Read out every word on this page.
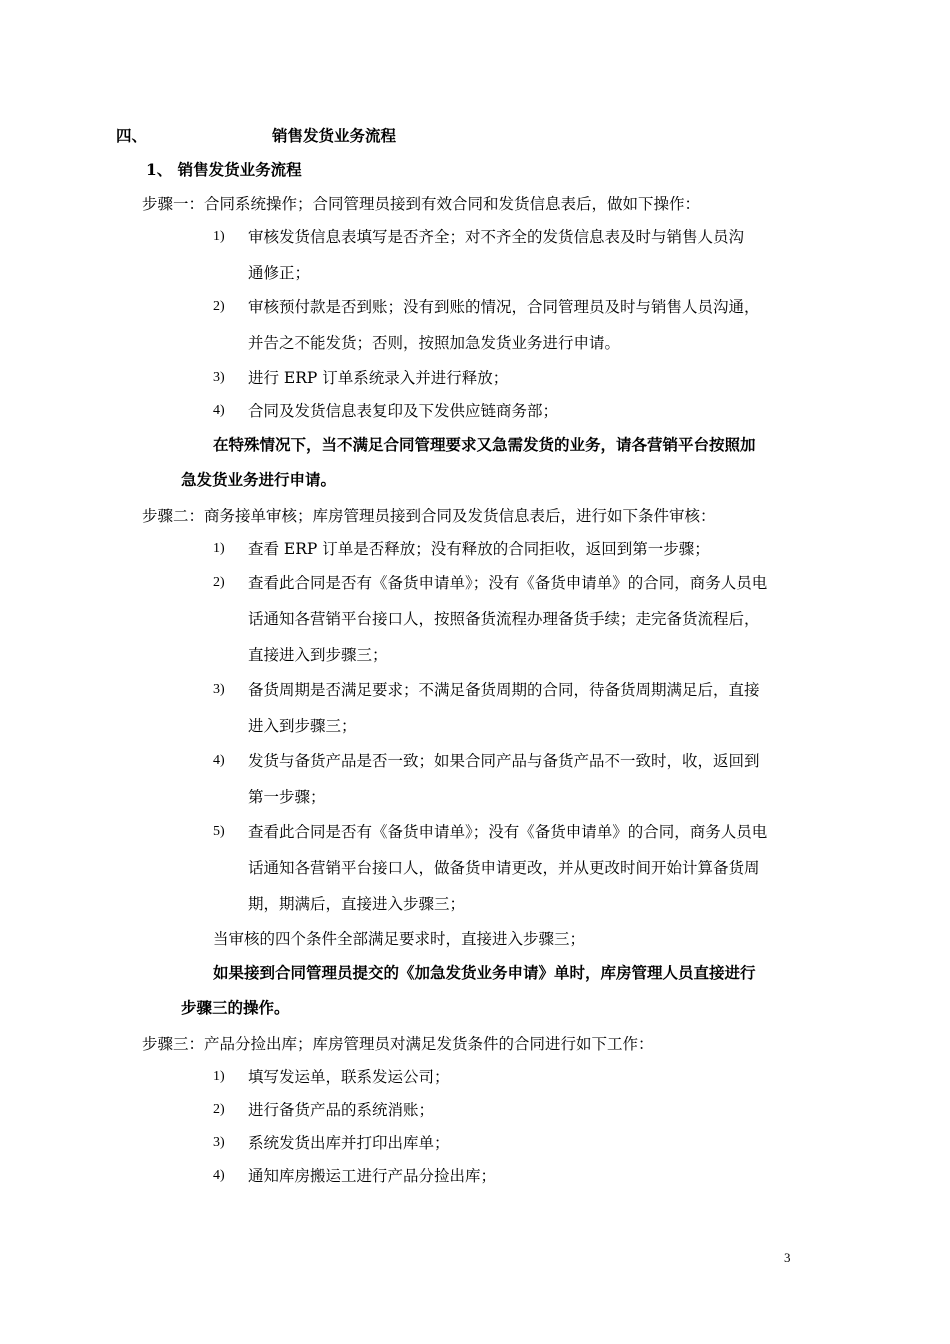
四、	销售发货业务流程
1、 销售发货业务流程
步骤一：合同系统操作；合同管理员接到有效合同和发货信息表后，做如下操作：
1) 审核发货信息表填写是否齐全；对不齐全的发货信息表及时与销售人员沟
通修正；
2) 审核预付款是否到账；没有到账的情况，合同管理员及时与销售人员沟通，
并告之不能发货；否则，按照加急发货业务进行申请。
3) 进行 ERP 订单系统录入并进行释放；
4) 合同及发货信息表复印及下发供应链商务部；
在特殊情况下，当不满足合同管理要求又急需发货的业务，请各营销平台按照加
急发货业务进行申请。
步骤二：商务接单审核；库房管理员接到合同及发货信息表后，进行如下条件审核：
1) 查看 ERP 订单是否释放；没有释放的合同拒收，返回到第一步骤；
2) 查看此合同是否有《备货申请单》；没有《备货申请单》的合同，商务人员电
话通知各营销平台接口人，按照备货流程办理备货手续；走完备货流程后，
直接进入到步骤三；
3) 备货周期是否满足要求；不满足备货周期的合同，待备货周期满足后，直接
进入到步骤三；
4) 发货与备货产品是否一致；如果合同产品与备货产品不一致时，收，返回到
第一步骤；
5) 查看此合同是否有《备货申请单》；没有《备货申请单》的合同，商务人员电
话通知各营销平台接口人，做备货申请更改，并从更改时间开始计算备货周
期，期满后，直接进入步骤三；
当审核的四个条件全部满足要求时，直接进入步骤三；
如果接到合同管理员提交的《加急发货业务申请》单时，库房管理人员直接进行
步骤三的操作。
步骤三：产品分捡出库；库房管理员对满足发货条件的合同进行如下工作：
1) 填写发运单，联系发运公司；
2) 进行备货产品的系统消账；
3) 系统发货出库并打印出库单；
4) 通知库房搬运工进行产品分捡出库；
3
